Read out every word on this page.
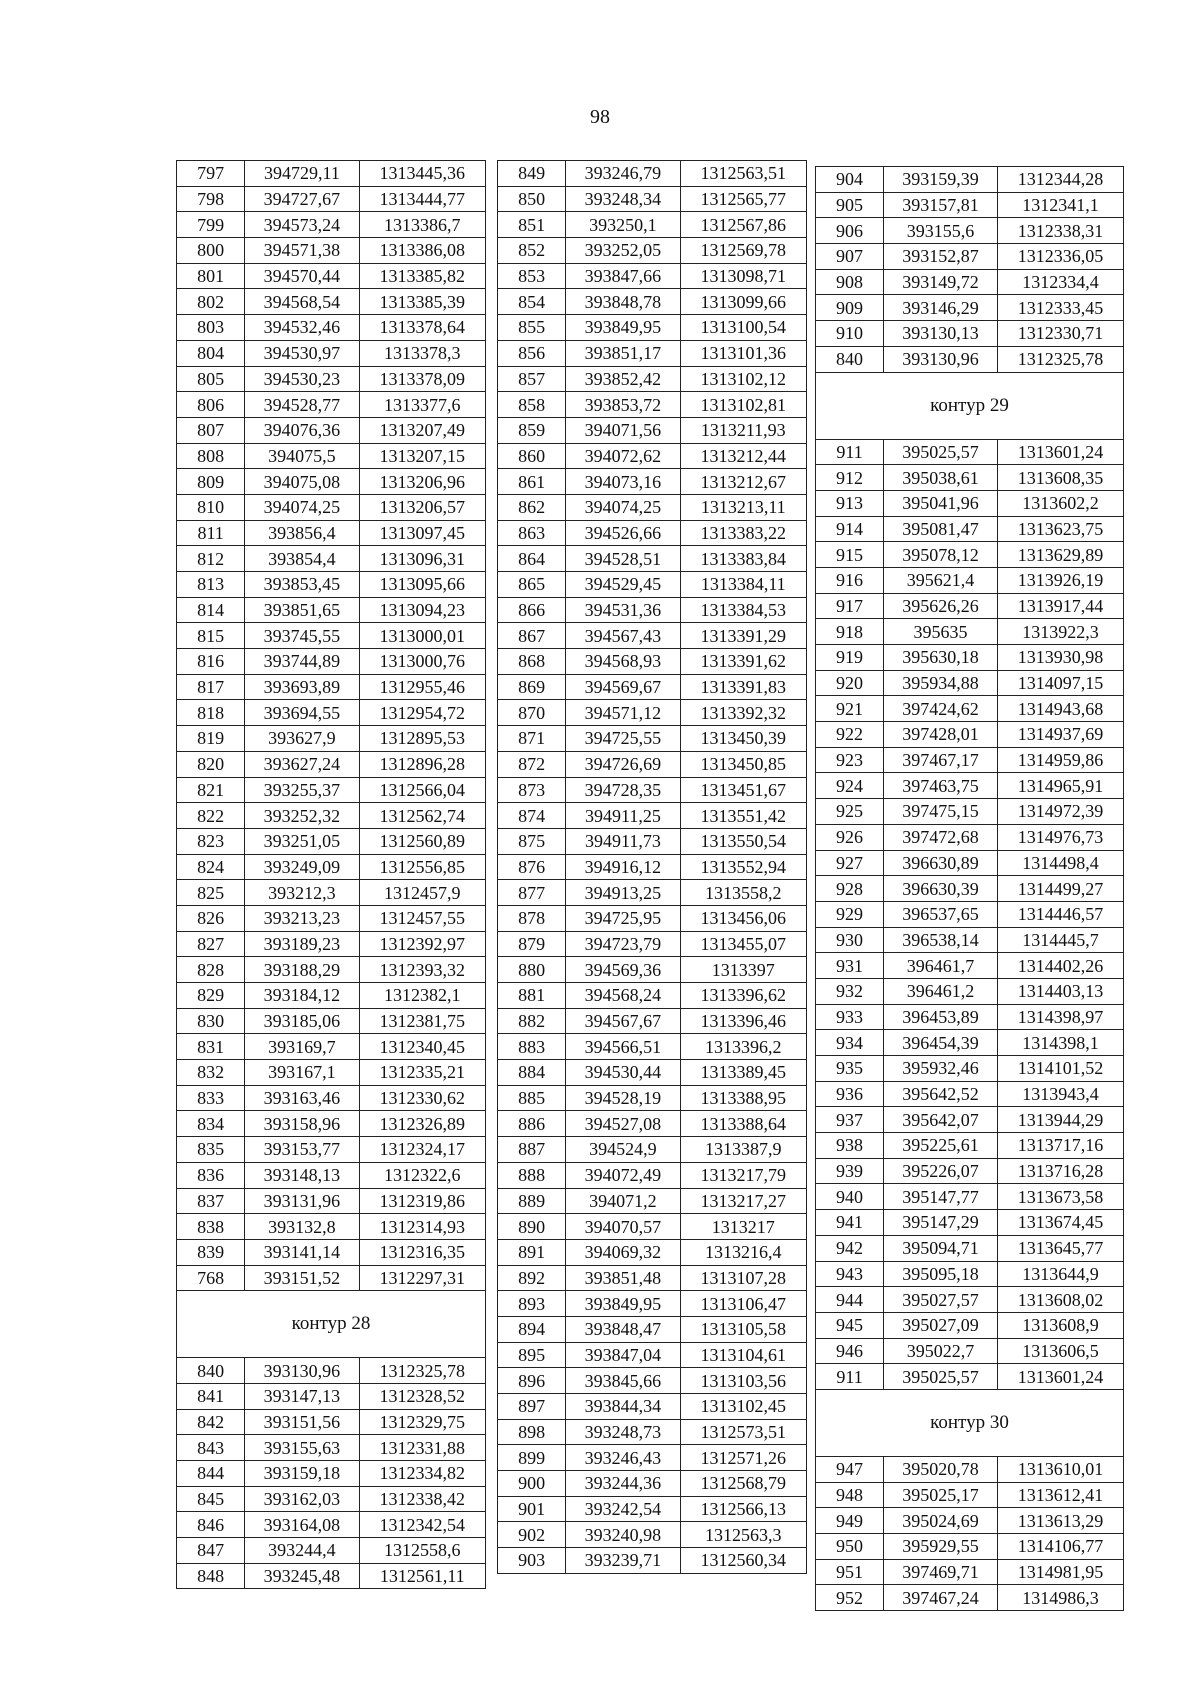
98
797	394729,11	1313445,36
798	394727,67	1313444,77
799	394573,24	1313386,7
800	394571,38	1313386,08
801	394570,44	1313385,82
802	394568,54	1313385,39
803	394532,46	1313378,64
804	394530,97	1313378,3
805	394530,23	1313378,09
806	394528,77	1313377,6
807	394076,36	1313207,49
808	394075,5	1313207,15
809	394075,08	1313206,96
810	394074,25	1313206,57
811	393856,4	1313097,45
812	393854,4	1313096,31
813	393853,45	1313095,66
814	393851,65	1313094,23
815	393745,55	1313000,01
816	393744,89	1313000,76
817	393693,89	1312955,46
818	393694,55	1312954,72
819	393627,9	1312895,53
820	393627,24	1312896,28
821	393255,37	1312566,04
822	393252,32	1312562,74
823	393251,05	1312560,89
824	393249,09	1312556,85
825	393212,3	1312457,9
826	393213,23	1312457,55
827	393189,23	1312392,97
828	393188,29	1312393,32
829	393184,12	1312382,1
830	393185,06	1312381,75
831	393169,7	1312340,45
832	393167,1	1312335,21
833	393163,46	1312330,62
834	393158,96	1312326,89
835	393153,77	1312324,17
836	393148,13	1312322,6
837	393131,96	1312319,86
838	393132,8	1312314,93
839	393141,14	1312316,35
768	393151,52	1312297,31
контур 28		
840	393130,96	1312325,78
841	393147,13	1312328,52
842	393151,56	1312329,75
843	393155,63	1312331,88
844	393159,18	1312334,82
845	393162,03	1312338,42
846	393164,08	1312342,54
847	393244,4	1312558,6
848	393245,48	1312561,11
849	393246,79	1312563,51
850	393248,34	1312565,77
851	393250,1	1312567,86
852	393252,05	1312569,78
853	393847,66	1313098,71
854	393848,78	1313099,66
855	393849,95	1313100,54
856	393851,17	1313101,36
857	393852,42	1313102,12
858	393853,72	1313102,81
859	394071,56	1313211,93
860	394072,62	1313212,44
861	394073,16	1313212,67
862	394074,25	1313213,11
863	394526,66	1313383,22
864	394528,51	1313383,84
865	394529,45	1313384,11
866	394531,36	1313384,53
867	394567,43	1313391,29
868	394568,93	1313391,62
869	394569,67	1313391,83
870	394571,12	1313392,32
871	394725,55	1313450,39
872	394726,69	1313450,85
873	394728,35	1313451,67
874	394911,25	1313551,42
875	394911,73	1313550,54
876	394916,12	1313552,94
877	394913,25	1313558,2
878	394725,95	1313456,06
879	394723,79	1313455,07
880	394569,36	1313397
881	394568,24	1313396,62
882	394567,67	1313396,46
883	394566,51	1313396,2
884	394530,44	1313389,45
885	394528,19	1313388,95
886	394527,08	1313388,64
887	394524,9	1313387,9
888	394072,49	1313217,79
889	394071,2	1313217,27
890	394070,57	1313217
891	394069,32	1313216,4
892	393851,48	1313107,28
893	393849,95	1313106,47
894	393848,47	1313105,58
895	393847,04	1313104,61
896	393845,66	1313103,56
897	393844,34	1313102,45
898	393248,73	1312573,51
899	393246,43	1312571,26
900	393244,36	1312568,79
901	393242,54	1312566,13
902	393240,98	1312563,3
903	393239,71	1312560,34
904	393159,39	1312344,28
905	393157,81	1312341,1
906	393155,6	1312338,31
907	393152,87	1312336,05
908	393149,72	1312334,4
909	393146,29	1312333,45
910	393130,13	1312330,71
840	393130,96	1312325,78
контур 29		
911	395025,57	1313601,24
912	395038,61	1313608,35
913	395041,96	1313602,2
914	395081,47	1313623,75
915	395078,12	1313629,89
916	395621,4	1313926,19
917	395626,26	1313917,44
918	395635	1313922,3
919	395630,18	1313930,98
920	395934,88	1314097,15
921	397424,62	1314943,68
922	397428,01	1314937,69
923	397467,17	1314959,86
924	397463,75	1314965,91
925	397475,15	1314972,39
926	397472,68	1314976,73
927	396630,89	1314498,4
928	396630,39	1314499,27
929	396537,65	1314446,57
930	396538,14	1314445,7
931	396461,7	1314402,26
932	396461,2	1314403,13
933	396453,89	1314398,97
934	396454,39	1314398,1
935	395932,46	1314101,52
936	395642,52	1313943,4
937	395642,07	1313944,29
938	395225,61	1313717,16
939	395226,07	1313716,28
940	395147,77	1313673,58
941	395147,29	1313674,45
942	395094,71	1313645,77
943	395095,18	1313644,9
944	395027,57	1313608,02
945	395027,09	1313608,9
946	395022,7	1313606,5
911	395025,57	1313601,24
контур 30		
947	395020,78	1313610,01
948	395025,17	1313612,41
949	395024,69	1313613,29
950	395929,55	1314106,77
951	397469,71	1314981,95
952	397467,24	1314986,3
